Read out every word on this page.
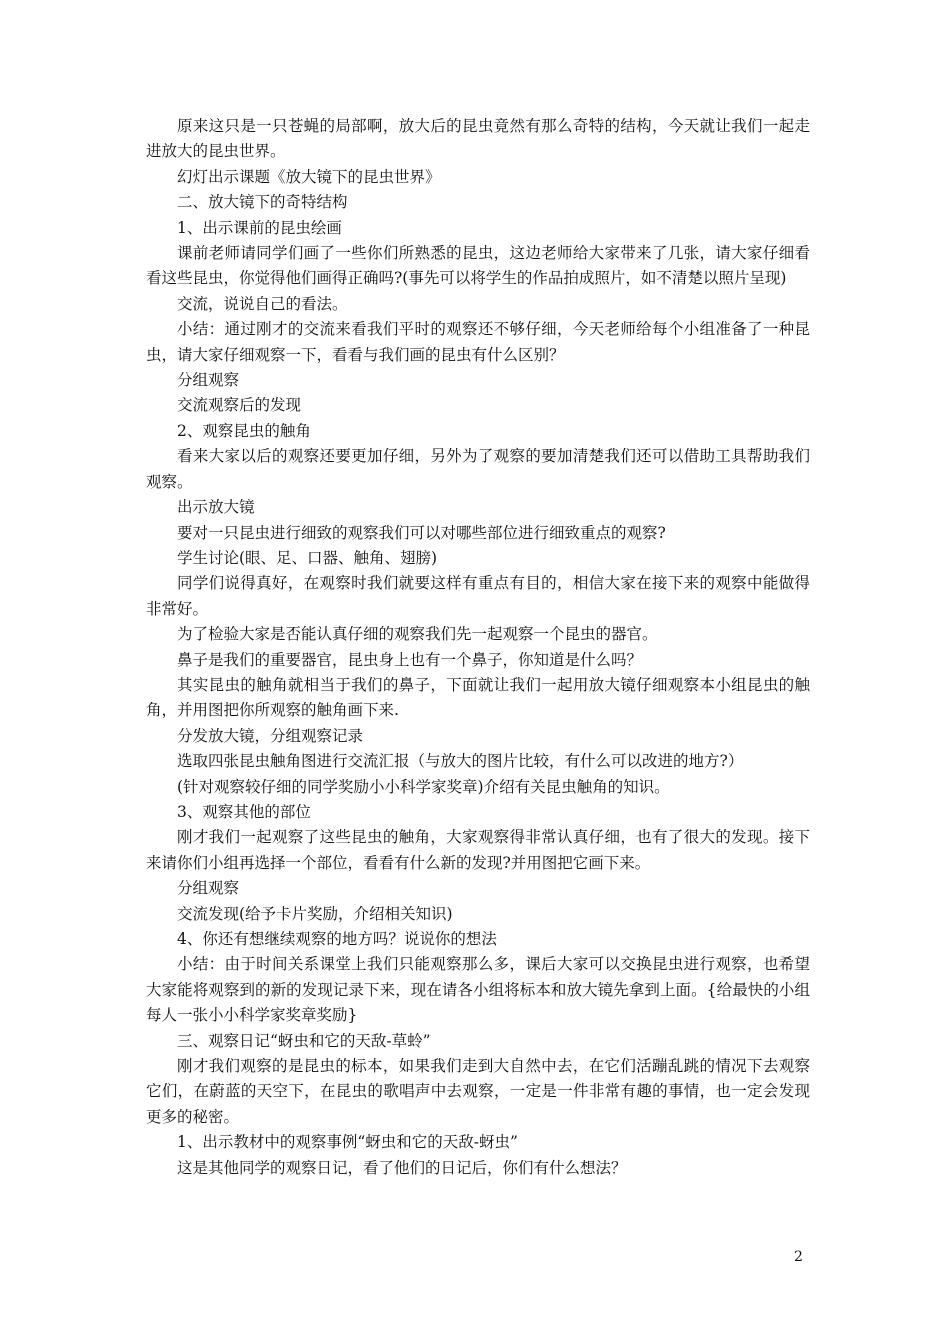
原来这只是一只苍蝇的局部啊，放大后的昆虫竟然有那么奇特的结构，今天就让我们一起走进放大的昆虫世界。

幻灯出示课题《放大镜下的昆虫世界》

二、放大镜下的奇特结构

1、出示课前的昆虫绘画

课前老师请同学们画了一些你们所熟悉的昆虫，这边老师给大家带来了几张，请大家仔细看看这些昆虫，你觉得他们画得正确吗?(事先可以将学生的作品拍成照片，如不清楚以照片呈现)

交流，说说自己的看法。

小结：通过刚才的交流来看我们平时的观察还不够仔细，今天老师给每个小组准备了一种昆虫，请大家仔细观察一下，看看与我们画的昆虫有什么区别？

分组观察

交流观察后的发现

2、观察昆虫的触角

看来大家以后的观察还要更加仔细，另外为了观察的要加清楚我们还可以借助工具帮助我们观察。

出示放大镜

要对一只昆虫进行细致的观察我们可以对哪些部位进行细致重点的观察?

学生讨论(眼、足、口器、触角、翅膀)

同学们说得真好，在观察时我们就要这样有重点有目的，相信大家在接下来的观察中能做得非常好。

为了检验大家是否能认真仔细的观察我们先一起观察一个昆虫的器官。

鼻子是我们的重要器官，昆虫身上也有一个鼻子，你知道是什么吗？

其实昆虫的触角就相当于我们的鼻子，下面就让我们一起用放大镜仔细观察本小组昆虫的触角，并用图把你所观察的触角画下来.

分发放大镜，分组观察记录

选取四张昆虫触角图进行交流汇报（与放大的图片比较，有什么可以改进的地方?）

(针对观察较仔细的同学奖励小小科学家奖章)介绍有关昆虫触角的知识。

3、观察其他的部位

刚才我们一起观察了这些昆虫的触角，大家观察得非常认真仔细，也有了很大的发现。接下来请你们小组再选择一个部位，看看有什么新的发现?并用图把它画下来。

分组观察

交流发现(给予卡片奖励，介绍相关知识)

4、你还有想继续观察的地方吗？说说你的想法

小结：由于时间关系课堂上我们只能观察那么多，课后大家可以交换昆虫进行观察，也希望大家能将观察到的新的发现记录下来，现在请各小组将标本和放大镜先拿到上面。{给最快的小组每人一张小小科学家奖章奖励}

三、观察日记“蚜虫和它的天敌-草蛉”

刚才我们观察的是昆虫的标本，如果我们走到大自然中去，在它们活蹦乱跳的情况下去观察它们，在蔚蓝的天空下，在昆虫的歌唱声中去观察，一定是一件非常有趣的事情，也一定会发现更多的秘密。

1、出示教材中的观察事例“蚜虫和它的天敌-蚜虫”

这是其他同学的观察日记，看了他们的日记后，你们有什么想法？

2
